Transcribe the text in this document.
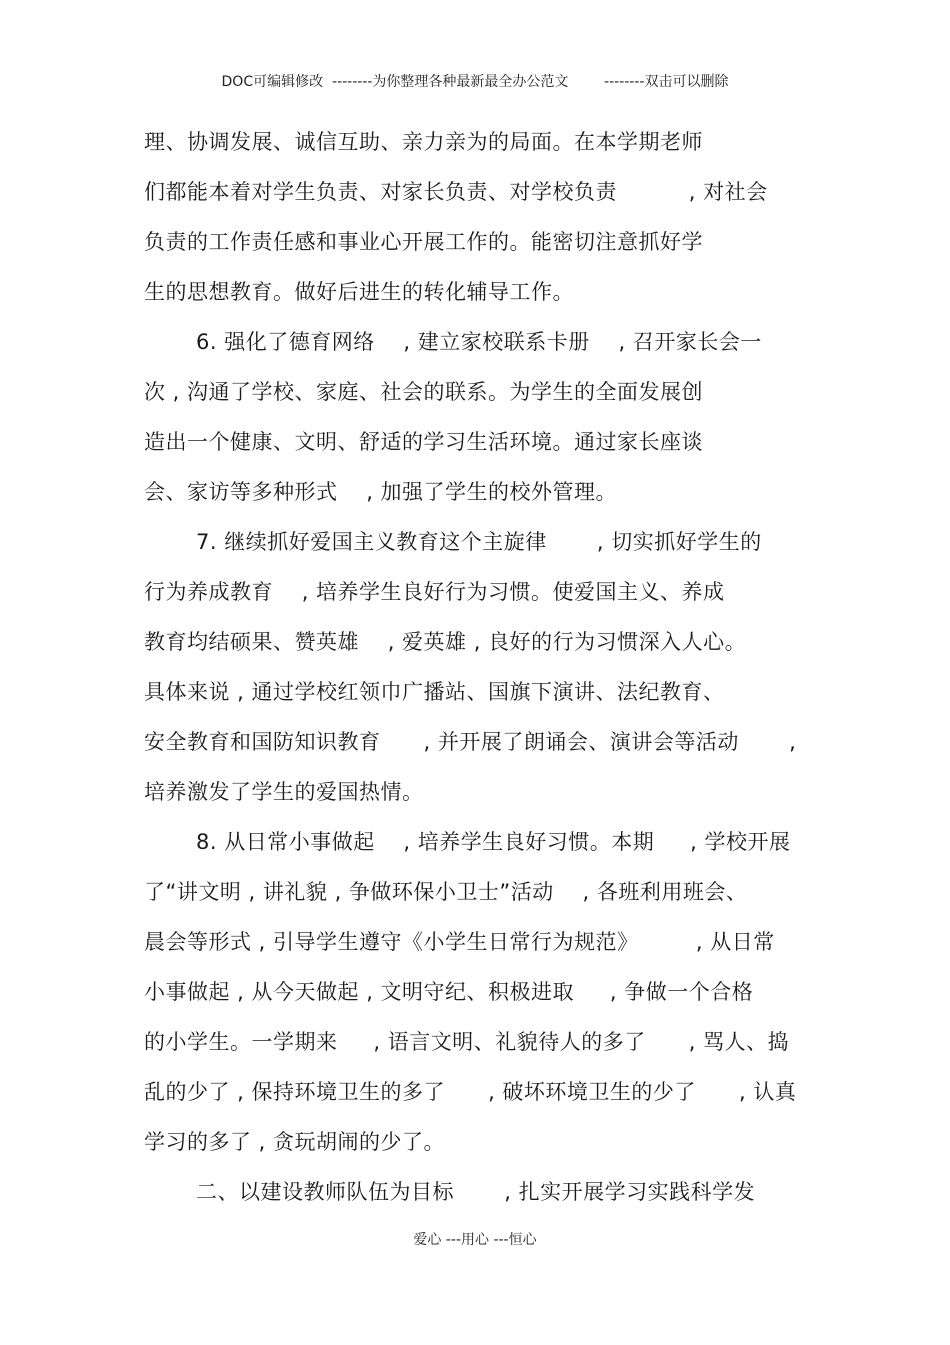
DOC可编辑修改 --------为你整理各种最新最全办公范文	--------双击可以删除
理、协调发展、诚信互助、亲力亲为的局面。在本学期老师
们都能本着对学生负责、对家长负责、对学校负责          , 对社会
负责的工作责任感和事业心开展工作的。能密切注意抓好学
生的思想教育。做好后进生的转化辅导工作。
6. 强化了德育网络    , 建立家校联系卡册    , 召开家长会一
次 , 沟通了学校、家庭、社会的联系。为学生的全面发展创
造出一个健康、文明、舒适的学习生活环境。通过家长座谈
会、家访等多种形式    , 加强了学生的校外管理。
7. 继续抓好爱国主义教育这个主旋律       , 切实抓好学生的
行为养成教育    , 培养学生良好行为习惯。使爱国主义、养成
教育均结硕果、赞英雄    , 爱英雄 , 良好的行为习惯深入人心。
具体来说 , 通过学校红领巾广播站、国旗下演讲、法纪教育、
安全教育和国防知识教育      , 并开展了朗诵会、演讲会等活动       ,
培养激发了学生的爱国热情。
8. 从日常小事做起    , 培养学生良好习惯。本期     , 学校开展
了“讲文明 , 讲礼貌 , 争做环保小卫士”活动    , 各班利用班会、
晨会等形式 , 引导学生遵守《小学生日常行为规范》        , 从日常
小事做起 , 从今天做起 , 文明守纪、积极进取     , 争做一个合格
的小学生。一学期来     , 语言文明、礼貌待人的多了      , 骂人、捣
乱的少了 , 保持环境卫生的多了      , 破坏环境卫生的少了      , 认真
学习的多了 , 贪玩胡闹的少了。
二、以建设教师队伍为目标       , 扎实开展学习实践科学发
爱心 ---用心 ---恒心
